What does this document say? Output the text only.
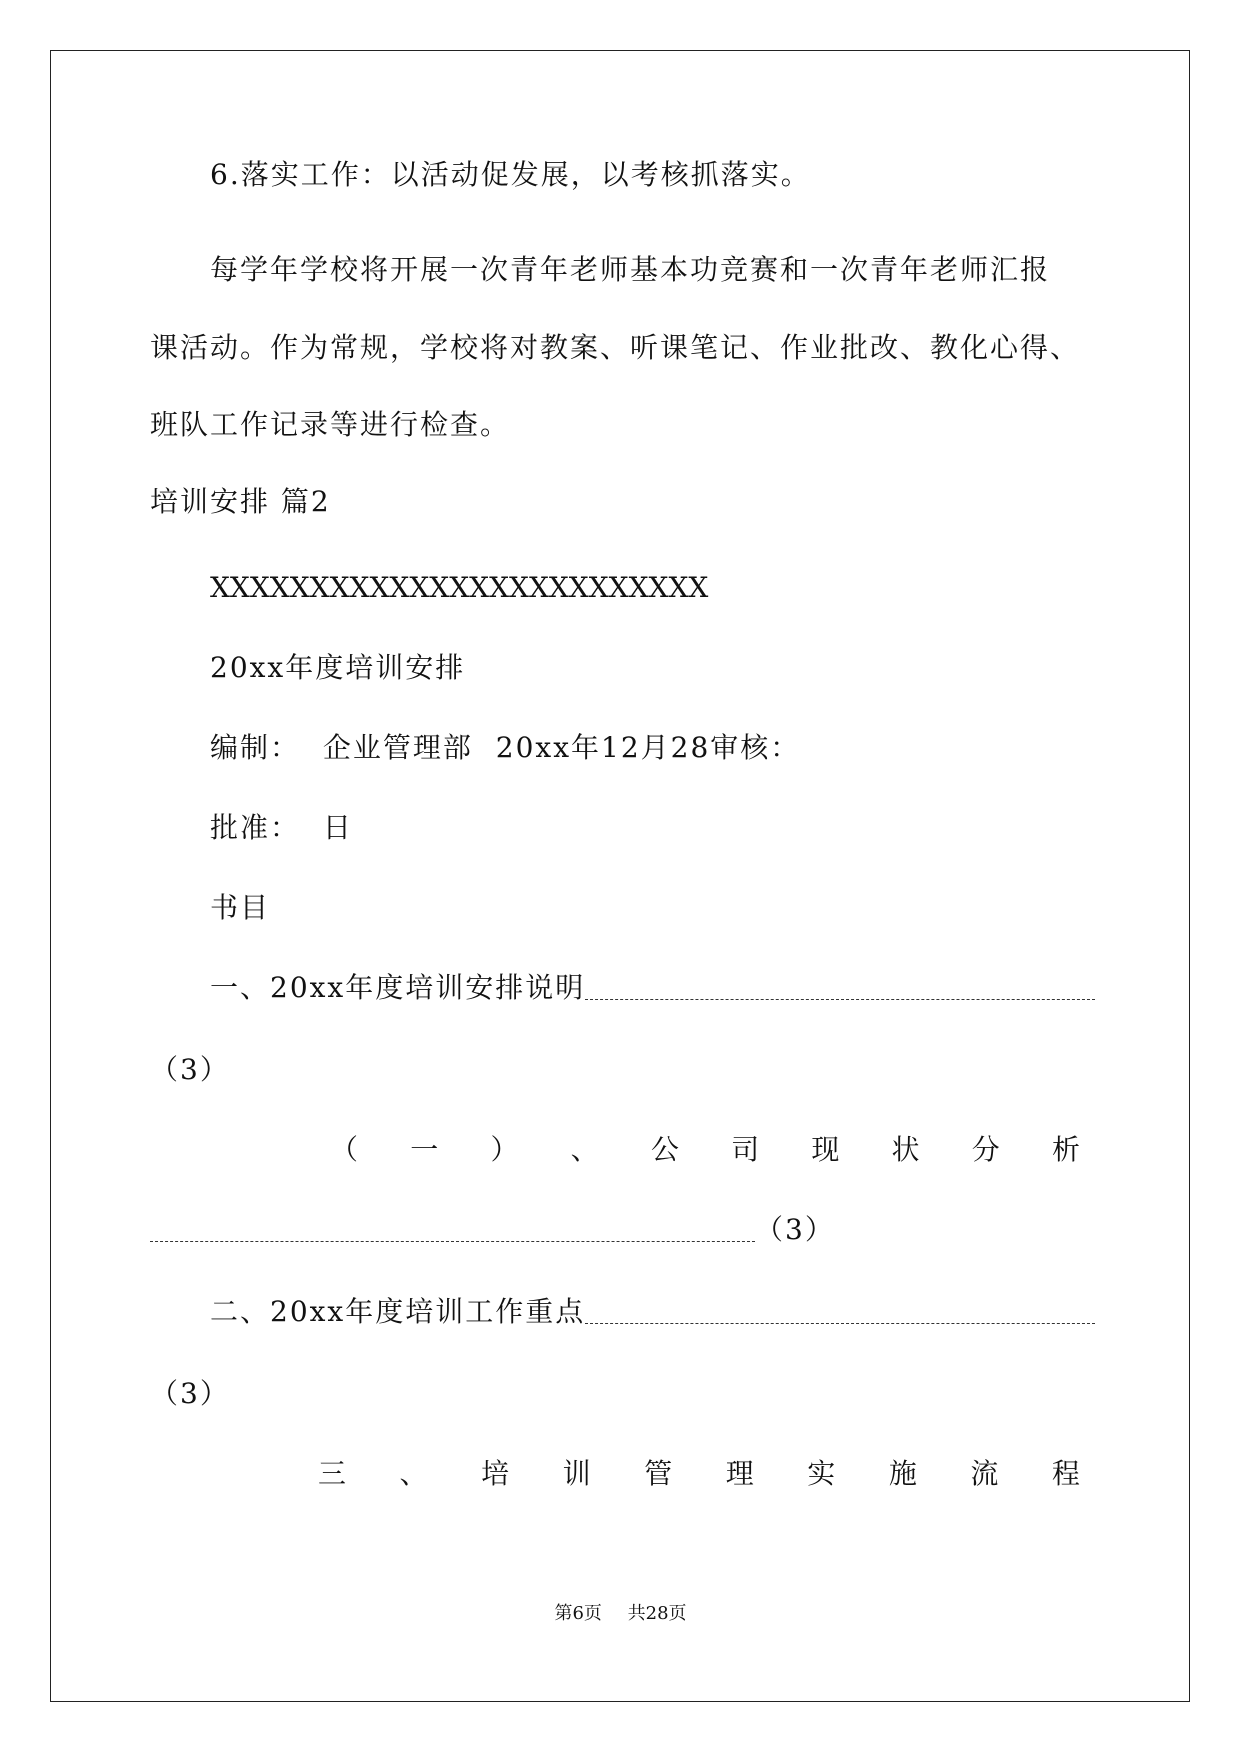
6.落实工作：以活动促发展，以考核抓落实。
每学年学校将开展一次青年老师基本功竞赛和一次青年老师汇报
课活动。作为常规，学校将对教案、听课笔记、作业批改、教化心得、
班队工作记录等进行检查。
培训安排 篇2
XXXXXXXXXXXXXXXXXXXXXXXXX
20xx年度培训安排
编制： 企业管理部 20xx年12月28审核：
批准： 日
书目
一、20xx年度培训安排说明
（3）
（ 一 ） 、 公 司 现 状 分 析
（3）
二、20xx年度培训工作重点
（3）
三 、 培 训 管 理 实 施 流 程
第6页 共28页
